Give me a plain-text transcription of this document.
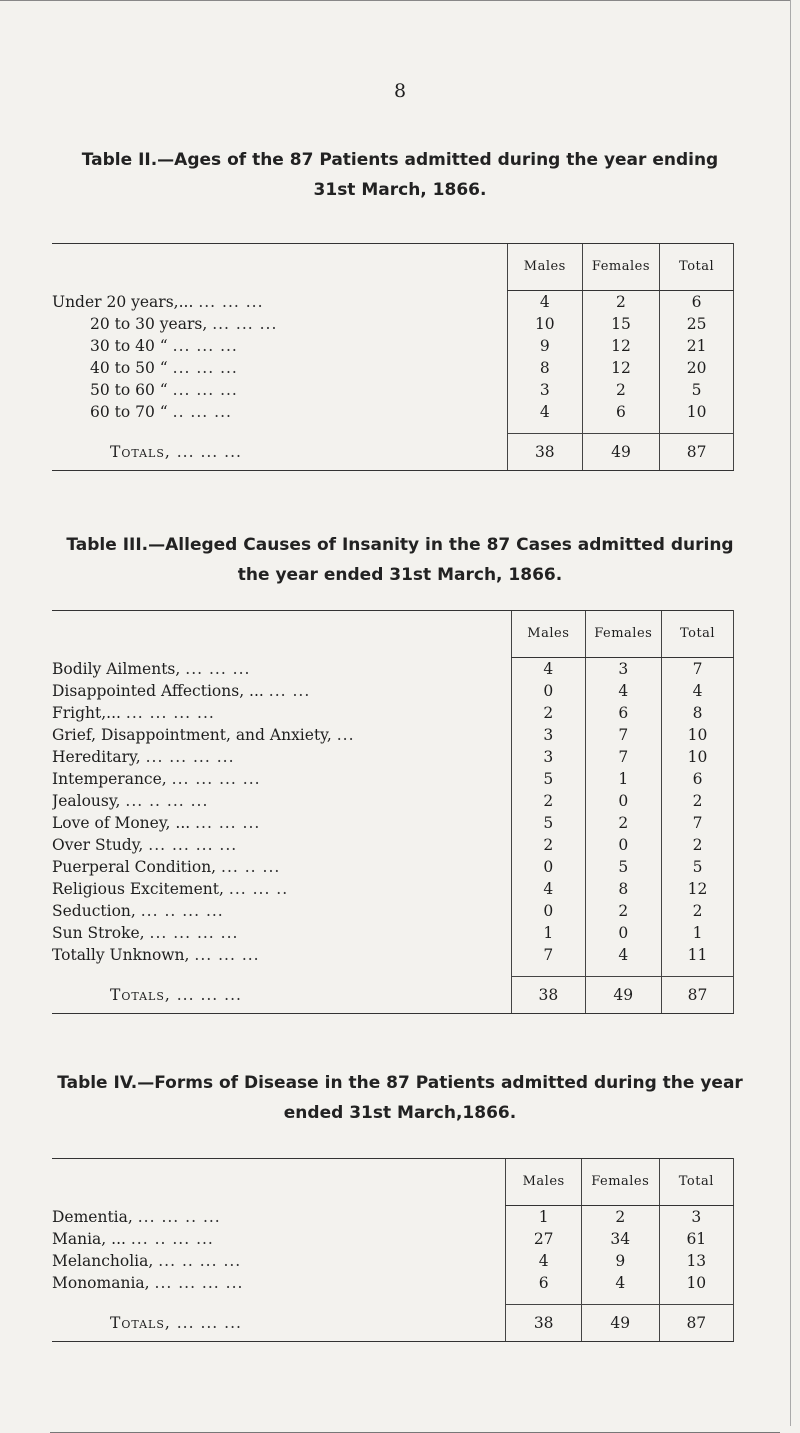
8
Table II.—Ages of the 87 Patients admitted during the year ending
31st March, 1866.
	Males	Females	Total
Under 20 years,... ... ... ...	4	2	6
20 to 30 years, ... ... ...	10	15	25
30 to 40 “ ... ... ...	9	12	21
40 to 50 “ ... ... ...	8	12	20
50 to 60 “ ... ... ...	3	2	5
60 to 70 “ .. ... ...	4	6	10

Totals, ... ... ...	38	49	87
Table III.—Alleged Causes of Insanity in the 87 Cases admitted during
the year ended 31st March, 1866.
	Males	Females	Total
Bodily Ailments, ... ... ...	4	3	7
Disappointed Affections, ... ... ...	0	4	4
Fright,... ... ... ... ...	2	6	8
Grief, Disappointment, and Anxiety, ...	3	7	10
Hereditary, ... ... ... ...	3	7	10
Intemperance, ... ... ... ...	5	1	6
Jealousy, ... .. ... ...	2	0	2
Love of Money, ... ... ... ...	5	2	7
Over Study, ... ... ... ...	2	0	2
Puerperal Condition, ... .. ...	0	5	5
Religious Excitement, ... ... ..	4	8	12
Seduction, ... .. ... ...	0	2	2
Sun Stroke, ... ... ... ...	1	0	1
Totally Unknown, ... ... ...	7	4	11

Totals, ... ... ...	38	49	87
Table IV.—Forms of Disease in the 87 Patients admitted during the year
ended 31st March,1866.
	Males	Females	Total
Dementia, ... ... .. ...	1	2	3
Mania, ... ... .. ... ...	27	34	61
Melancholia, ... .. ... ...	4	9	13
Monomania, ... ... ... ...	6	4	10

Totals, ... ... ...	38	49	87
